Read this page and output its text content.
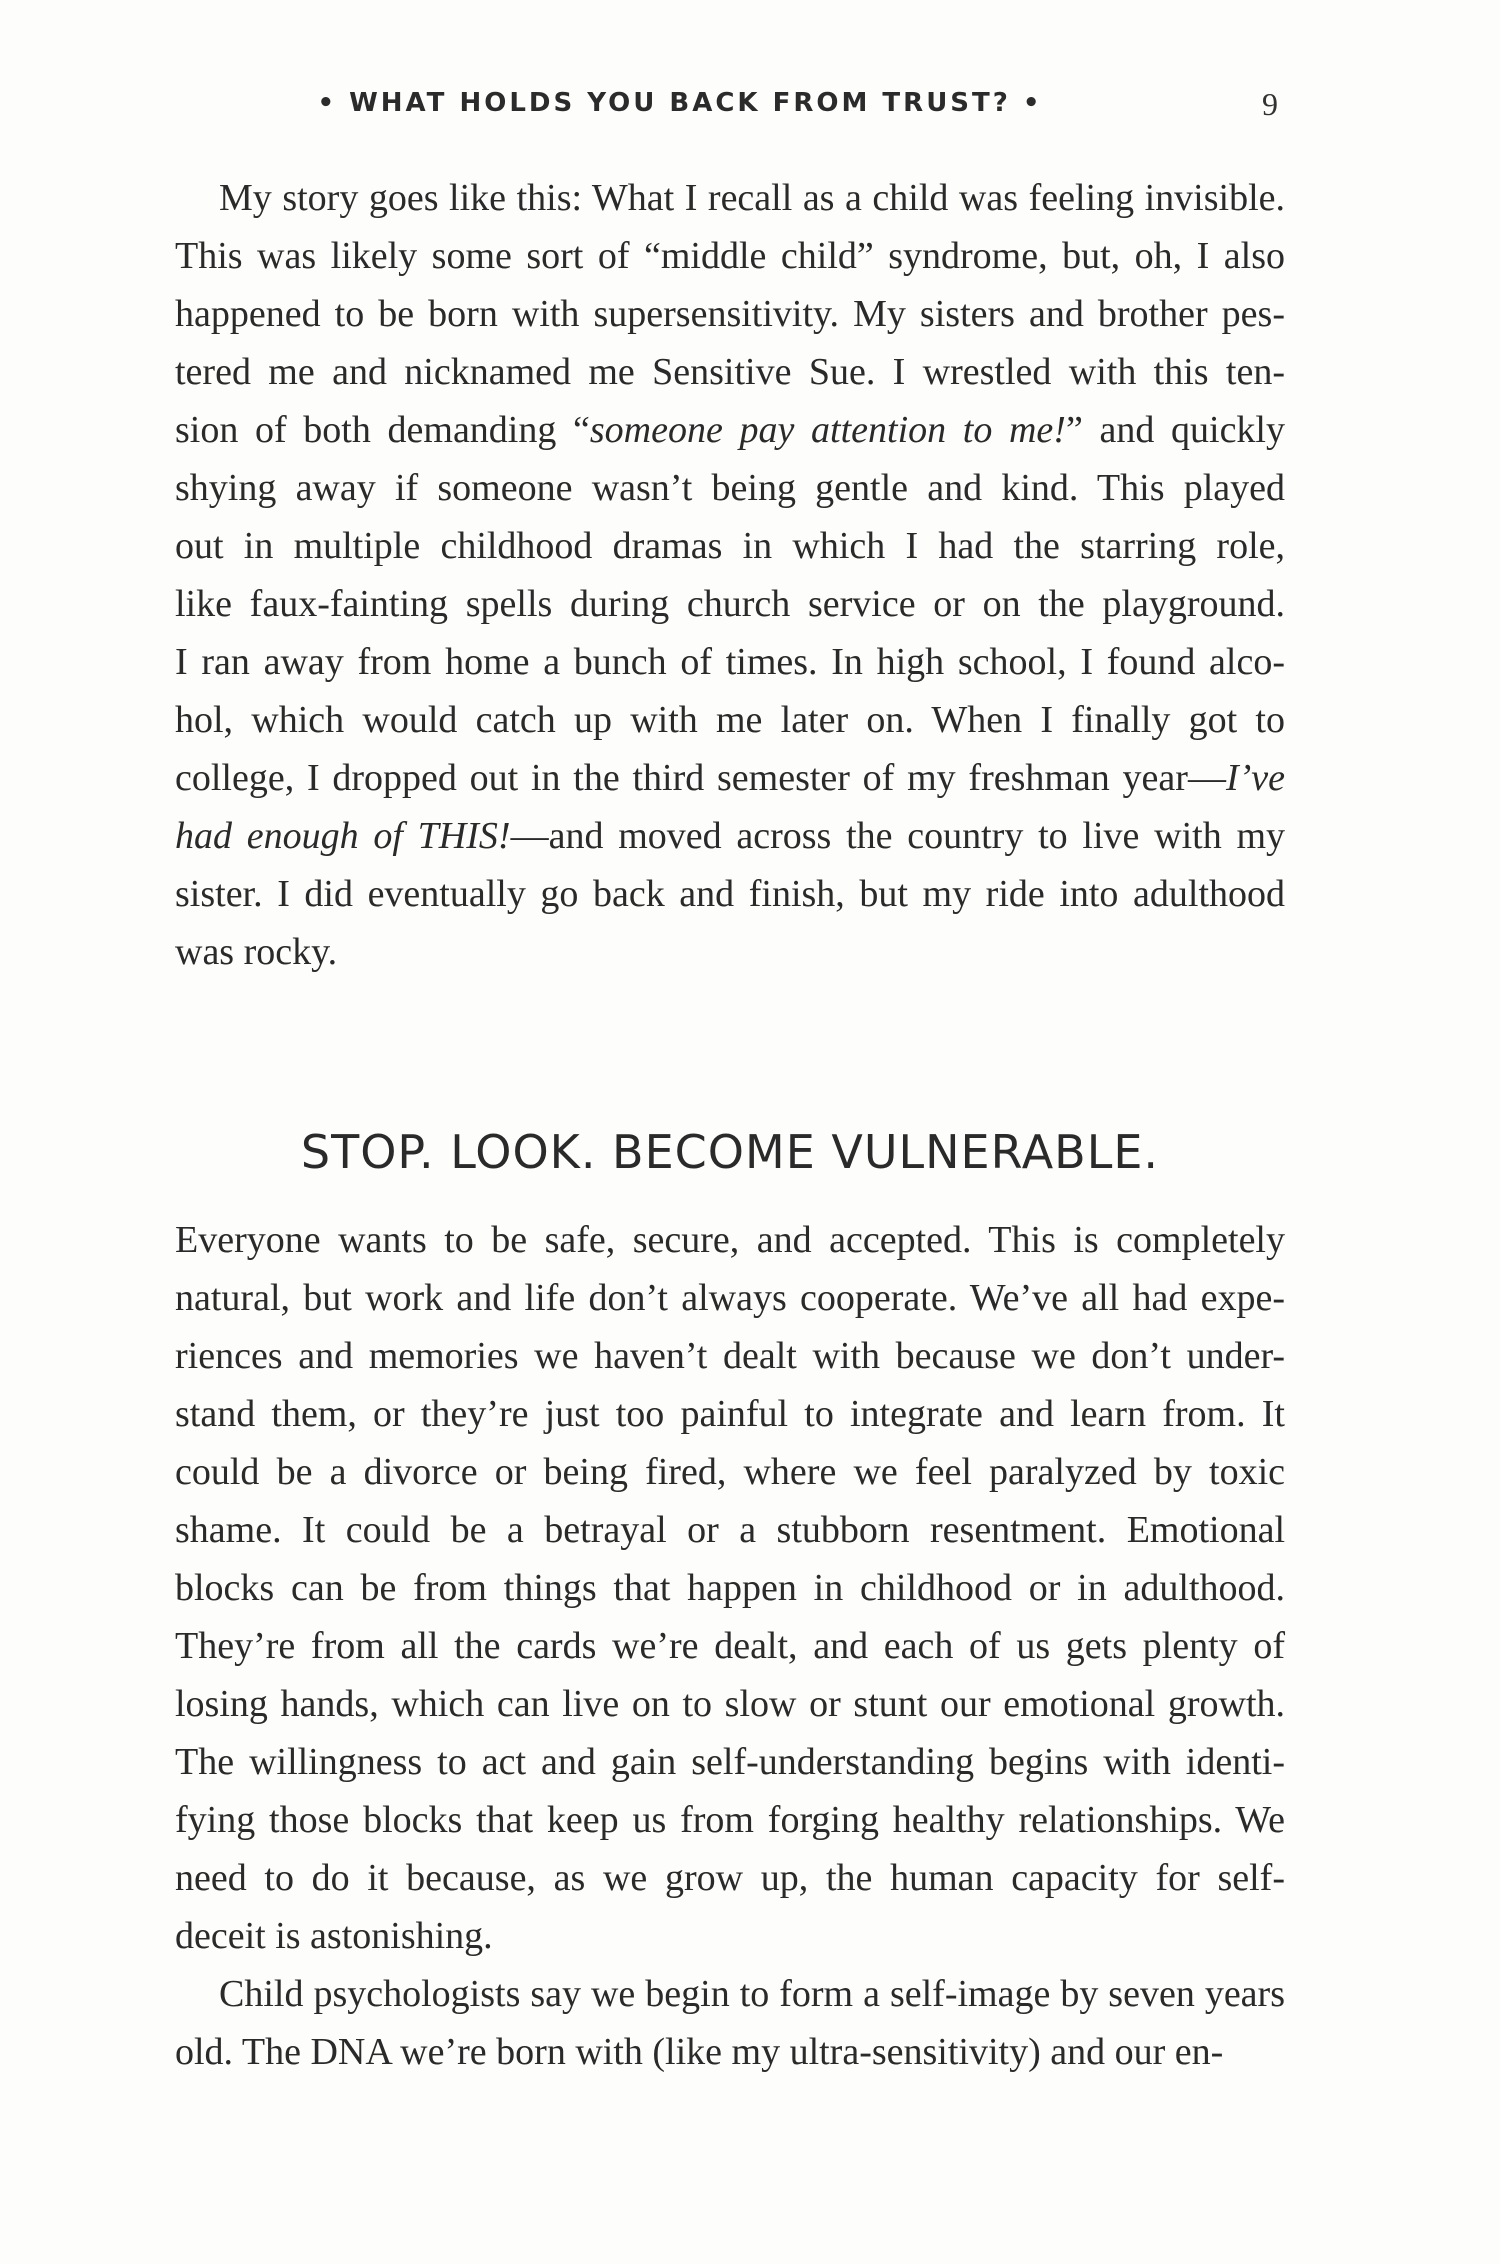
• WHAT HOLDS YOU BACK FROM TRUST? •	9
My story goes like this: What I recall as a child was feeling invisible.
This was likely some sort of “middle child” syndrome, but, oh, I also
happened to be born with supersensitivity. My sisters and brother pes-
tered me and nicknamed me Sensitive Sue. I wrestled with this ten-
sion of both demanding “someone pay attention to me!” and quickly
shying away if someone wasn’t being gentle and kind. This played
out in multiple childhood dramas in which I had the starring role,
like faux-fainting spells during church service or on the playground.
I ran away from home a bunch of times. In high school, I found alco-
hol, which would catch up with me later on. When I finally got to
college, I dropped out in the third semester of my freshman year—I’ve
had enough of THIS!—and moved across the country to live with my
sister. I did eventually go back and finish, but my ride into adulthood
was rocky.
STOP. LOOK. BECOME VULNERABLE.
Everyone wants to be safe, secure, and accepted. This is completely
natural, but work and life don’t always cooperate. We’ve all had expe-
riences and memories we haven’t dealt with because we don’t under-
stand them, or they’re just too painful to integrate and learn from. It
could be a divorce or being fired, where we feel paralyzed by toxic
shame. It could be a betrayal or a stubborn resentment. Emotional
blocks can be from things that happen in childhood or in adulthood.
They’re from all the cards we’re dealt, and each of us gets plenty of
losing hands, which can live on to slow or stunt our emotional growth.
The willingness to act and gain self-understanding begins with identi-
fying those blocks that keep us from forging healthy relationships. We
need to do it because, as we grow up, the human capacity for self-
deceit is astonishing.
Child psychologists say we begin to form a self-image by seven years
old. The DNA we’re born with (like my ultra-sensitivity) and our en-
